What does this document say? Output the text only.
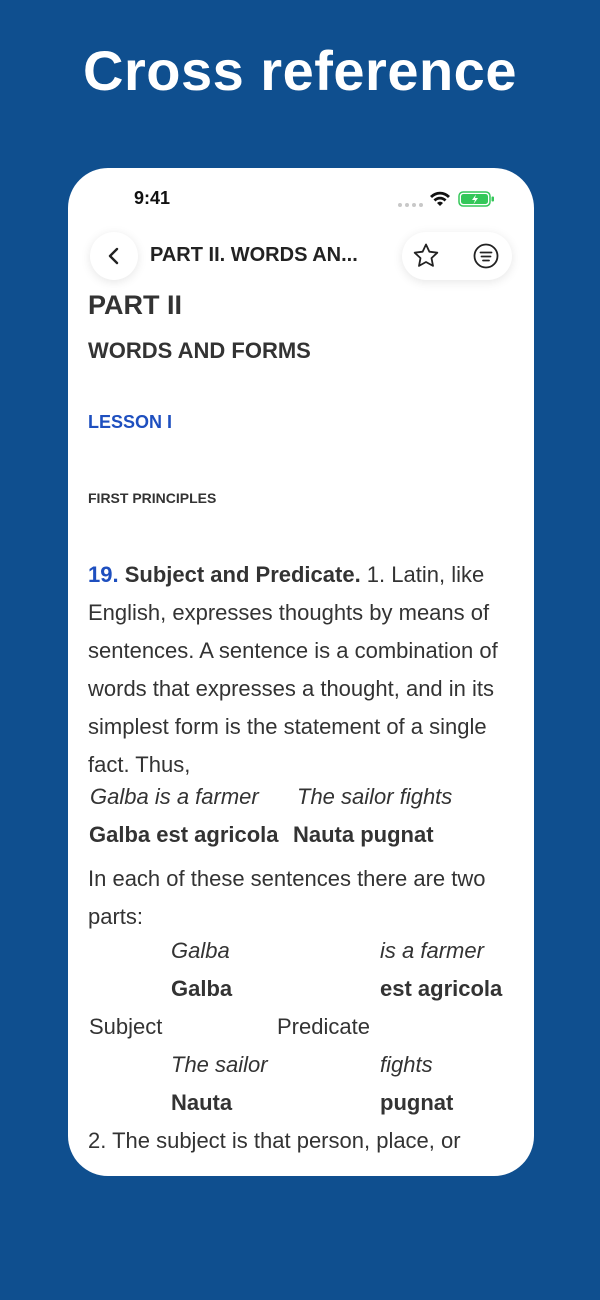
Cross reference
9:41
PART II. WORDS AN...
PART II
WORDS AND FORMS
LESSON I
FIRST PRINCIPLES
19. Subject and Predicate. 1. Latin, like English, expresses thoughts by means of sentences. A sentence is a combination of words that expresses a thought, and in its simplest form is the statement of a single fact. Thus,
Galba is a farmer The sailor fights
Galba est agricola Nauta pugnat
In each of these sentences there are two parts:
Galba	is a farmer
Galba	est agricola
Subject	Predicate
The sailor	fights
Nauta	pugnat
2. The subject is that person, place, or
